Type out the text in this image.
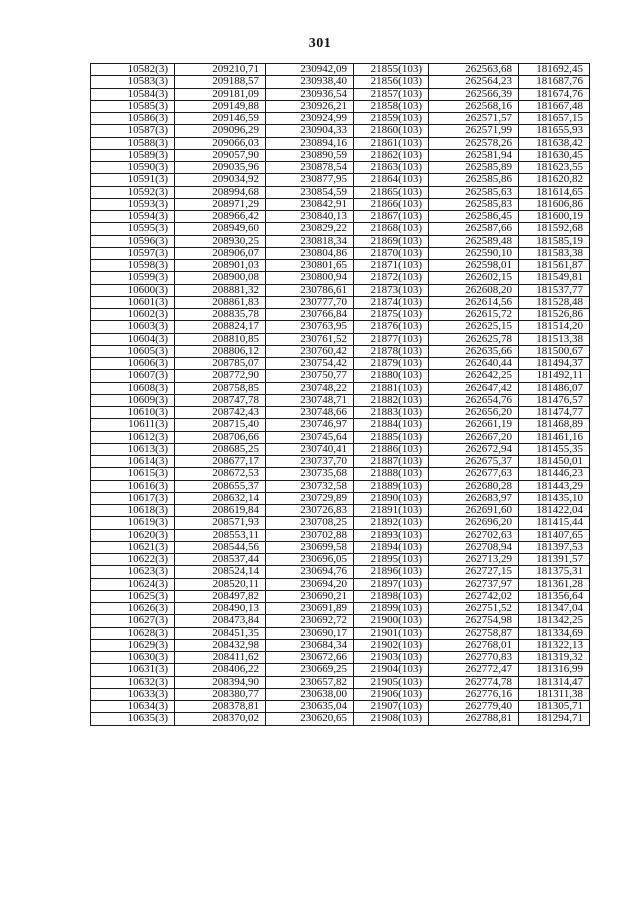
301
10582(3)	209210,71	230942,09	21855(103)	262563,68	181692,45
10583(3)	209188,57	230938,40	21856(103)	262564,23	181687,76
10584(3)	209181,09	230936,54	21857(103)	262566,39	181674,76
10585(3)	209149,88	230926,21	21858(103)	262568,16	181667,48
10586(3)	209146,59	230924,99	21859(103)	262571,57	181657,15
10587(3)	209096,29	230904,33	21860(103)	262571,99	181655,93
10588(3)	209066,03	230894,16	21861(103)	262578,26	181638,42
10589(3)	209057,90	230890,59	21862(103)	262581,94	181630,45
10590(3)	209035,96	230878,54	21863(103)	262585,89	181623,55
10591(3)	209034,92	230877,95	21864(103)	262585,86	181620,82
10592(3)	208994,68	230854,59	21865(103)	262585,63	181614,65
10593(3)	208971,29	230842,91	21866(103)	262585,83	181606,86
10594(3)	208966,42	230840,13	21867(103)	262586,45	181600,19
10595(3)	208949,60	230829,22	21868(103)	262587,66	181592,68
10596(3)	208930,25	230818,34	21869(103)	262589,48	181585,19
10597(3)	208906,07	230804,86	21870(103)	262590,10	181583,38
10598(3)	208901,03	230801,65	21871(103)	262598,01	181561,87
10599(3)	208900,08	230800,94	21872(103)	262602,15	181549,81
10600(3)	208881,32	230786,61	21873(103)	262608,20	181537,77
10601(3)	208861,83	230777,70	21874(103)	262614,56	181528,48
10602(3)	208835,78	230766,84	21875(103)	262615,72	181526,86
10603(3)	208824,17	230763,95	21876(103)	262625,15	181514,20
10604(3)	208810,85	230761,52	21877(103)	262625,78	181513,38
10605(3)	208806,12	230760,42	21878(103)	262635,66	181500,67
10606(3)	208785,07	230754,42	21879(103)	262640,44	181494,37
10607(3)	208772,90	230750,77	21880(103)	262642,25	181492,11
10608(3)	208758,85	230748,22	21881(103)	262647,42	181486,07
10609(3)	208747,78	230748,71	21882(103)	262654,76	181476,57
10610(3)	208742,43	230748,66	21883(103)	262656,20	181474,77
10611(3)	208715,40	230746,97	21884(103)	262661,19	181468,89
10612(3)	208706,66	230745,64	21885(103)	262667,20	181461,16
10613(3)	208685,25	230740,41	21886(103)	262672,94	181455,35
10614(3)	208677,17	230737,70	21887(103)	262675,37	181450,01
10615(3)	208672,53	230735,68	21888(103)	262677,63	181446,23
10616(3)	208655,37	230732,58	21889(103)	262680,28	181443,29
10617(3)	208632,14	230729,89	21890(103)	262683,97	181435,10
10618(3)	208619,84	230726,83	21891(103)	262691,60	181422,04
10619(3)	208571,93	230708,25	21892(103)	262696,20	181415,44
10620(3)	208553,11	230702,88	21893(103)	262702,63	181407,65
10621(3)	208544,56	230699,58	21894(103)	262708,94	181397,53
10622(3)	208537,44	230696,05	21895(103)	262713,29	181391,57
10623(3)	208524,14	230694,76	21896(103)	262727,15	181375,31
10624(3)	208520,11	230694,20	21897(103)	262737,97	181361,28
10625(3)	208497,82	230690,21	21898(103)	262742,02	181356,64
10626(3)	208490,13	230691,89	21899(103)	262751,52	181347,04
10627(3)	208473,84	230692,72	21900(103)	262754,98	181342,25
10628(3)	208451,35	230690,17	21901(103)	262758,87	181334,69
10629(3)	208432,98	230684,34	21902(103)	262768,01	181322,13
10630(3)	208411,62	230672,66	21903(103)	262770,83	181319,32
10631(3)	208406,22	230669,25	21904(103)	262772,47	181316,99
10632(3)	208394,90	230657,82	21905(103)	262774,78	181314,47
10633(3)	208380,77	230638,00	21906(103)	262776,16	181311,38
10634(3)	208378,81	230635,04	21907(103)	262779,40	181305,71
10635(3)	208370,02	230620,65	21908(103)	262788,81	181294,71
